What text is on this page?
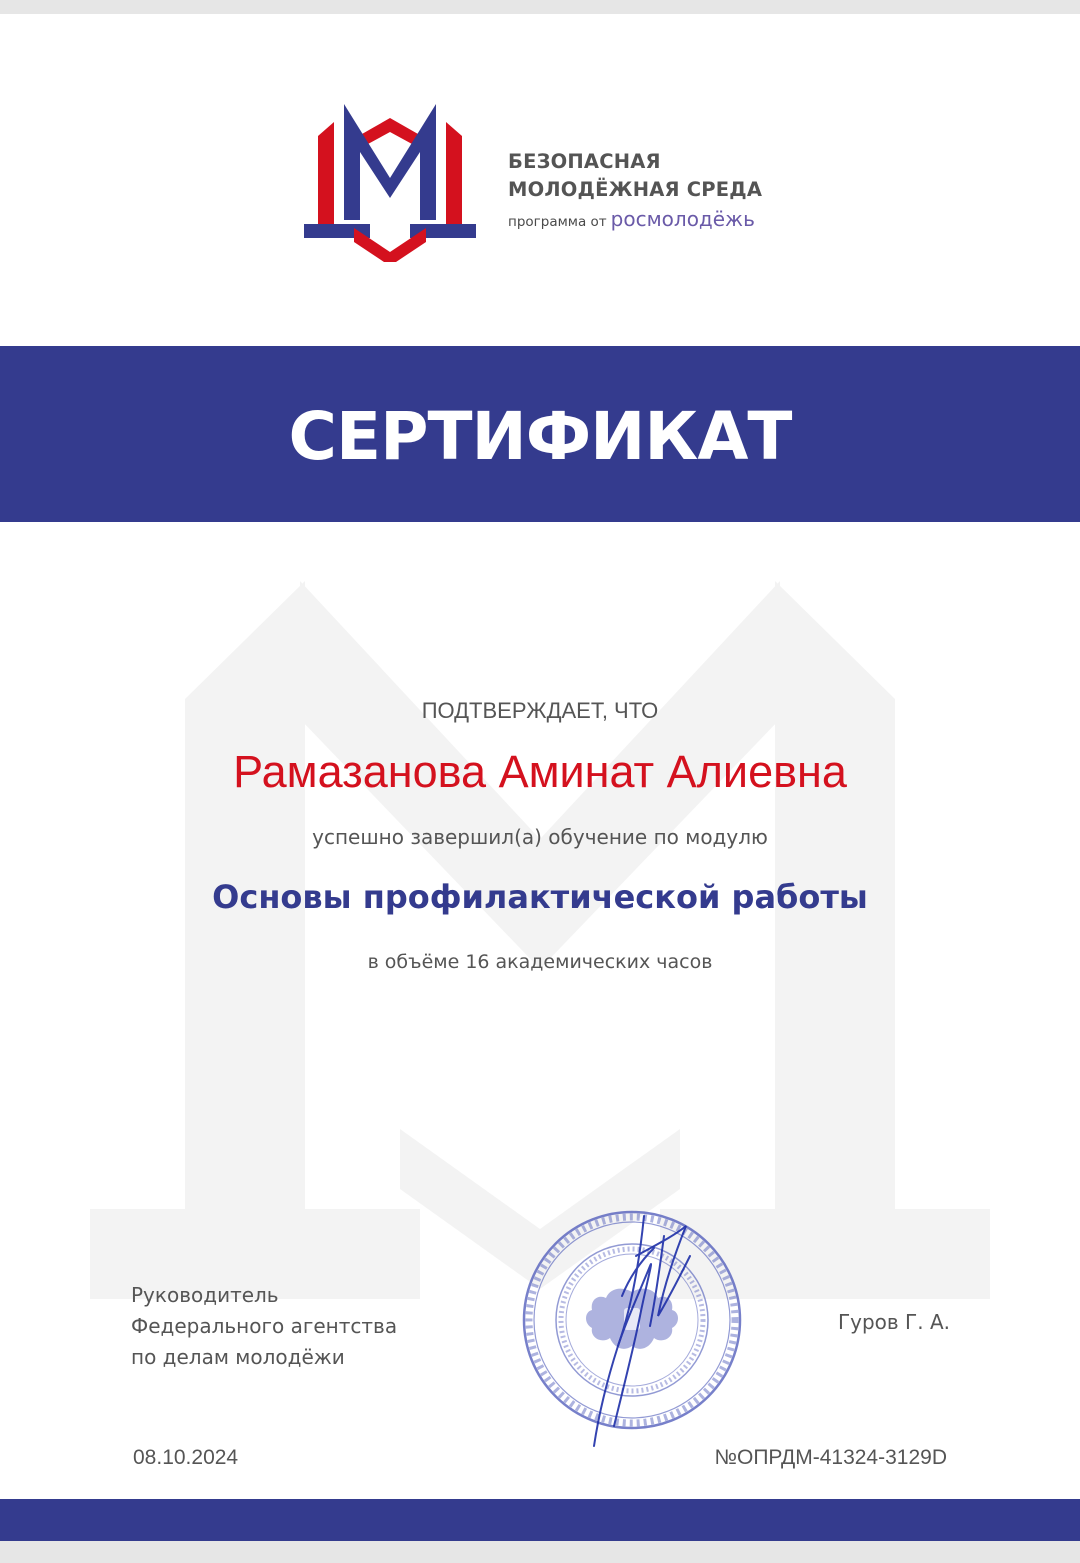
БЕЗОПАСНАЯ
МОЛОДЁЖНАЯ СРЕДА
программа от росмолодёжь
СЕРТИФИКАТ
ПОДТВЕРЖДАЕТ, ЧТО
Рамазанова Аминат Алиевна
успешно завершил(а) обучение по модулю
Основы профилактической работы
в объёме 16 академических часов
Руководитель
Федерального агентства
по делам молодёжи
Гуров Г. А.
08.10.2024	№ОПРДМ-41324-3129D
